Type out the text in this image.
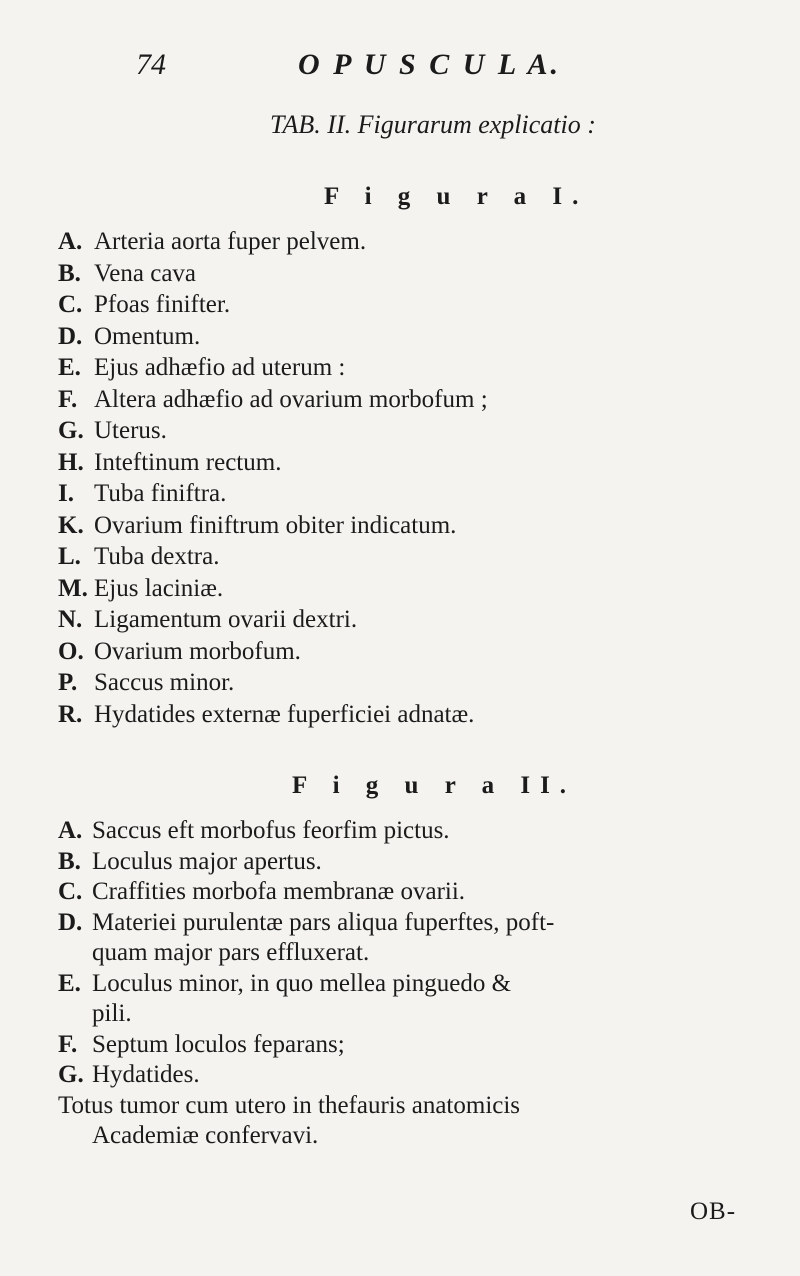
74	O P U S C U L A.
TAB. II. Figurarum explicatio :
F i g u r a I.
A. Arteria aorta fuper pelvem.
B. Vena cava
C. Pfoas finifter.
D. Omentum.
E. Ejus adhæfio ad uterum :
F. Altera adhæfio ad ovarium morbofum ;
G. Uterus.
H. Inteftinum rectum.
I. Tuba finiftra.
K. Ovarium finiftrum obiter indicatum.
L. Tuba dextra.
M. Ejus laciniæ.
N. Ligamentum ovarii dextri.
O. Ovarium morbofum.
P. Saccus minor.
R. Hydatides externæ fuperficiei adnatæ.
F i g u r a II.
A. Saccus eft morbofus feorfim pictus.
B. Loculus major apertus.
C. Craffities morbofa membranæ ovarii.
D. Materiei purulentæ pars aliqua fuperftes, poft-
quam major pars effluxerat.
E. Loculus minor, in quo mellea pinguedo &
pili.
F. Septum loculos feparans;
G. Hydatides.
Totus tumor cum utero in thefauris anatomicis
Academiæ confervavi.
OB-
